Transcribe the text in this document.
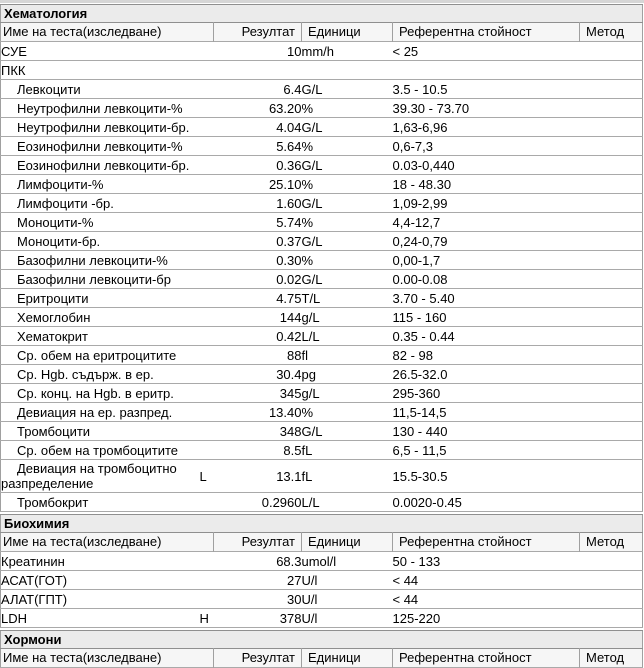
Хематология					
Име на теста(изследване)		Резултат	Единици	Референтна стойност	Метод
СУЕ		10	mm/h	< 25	
ПКК					
Левкоцити		6.4	G/L	3.5 - 10.5	
Неутрофилни левкоцити-%		63.20	%	39.30 - 73.70	
Неутрофилни левкоцити-бр.		4.04	G/L	1,63-6,96	
Еозинофилни левкоцити-%		5.64	%	0,6-7,3	
Еозинофилни левкоцити-бр.		0.36	G/L	0.03-0,440	
Лимфоцити-%		25.10	%	18 - 48.30	
Лимфоцити -бр.		1.60	G/L	1,09-2,99	
Моноцити-%		5.74	%	4,4-12,7	
Моноцити-бр.		0.37	G/L	0,24-0,79	
Базофилни левкоцити-%		0.30	%	0,00-1,7	
Базофилни левкоцити-бр		0.02	G/L	0.00-0.08	
Еритроцити		4.75	T/L	3.70 - 5.40	
Хемоглобин		144	g/L	115 - 160	
Хематокрит		0.42	L/L	0.35 - 0.44	
Ср. обем на еритроцитите		88	fl	82 - 98	
Ср. Hgb. съдърж. в ер.		30.4	pg	26.5-32.0	
Ср. конц. на Hgb. в еритр.		345	g/L	295-360	
Девиация на ер. разпред.		13.40	%	11,5-14,5	
Тромбоцити		348	G/L	130 - 440	
Ср. обем на тромбоцитите		8.5	fL	6,5 - 11,5	
Девиация на тромбоцитно разпределение	L	13.1	fL	15.5-30.5	
Тромбокрит		0.2960	L/L	0.0020-0.45	
Биохимия					
Име на теста(изследване)		Резултат	Единици	Референтна стойност	Метод
Креатинин		68.3	umol/l	50 - 133	
АСАТ(ГОТ)		27	U/l	< 44	
АЛАТ(ГПТ)		30	U/l	< 44	
LDH	H	378	U/l	125-220	
Хормони
Име на теста(изследване)	Резултат	Единици	Референтна стойност	Метод
